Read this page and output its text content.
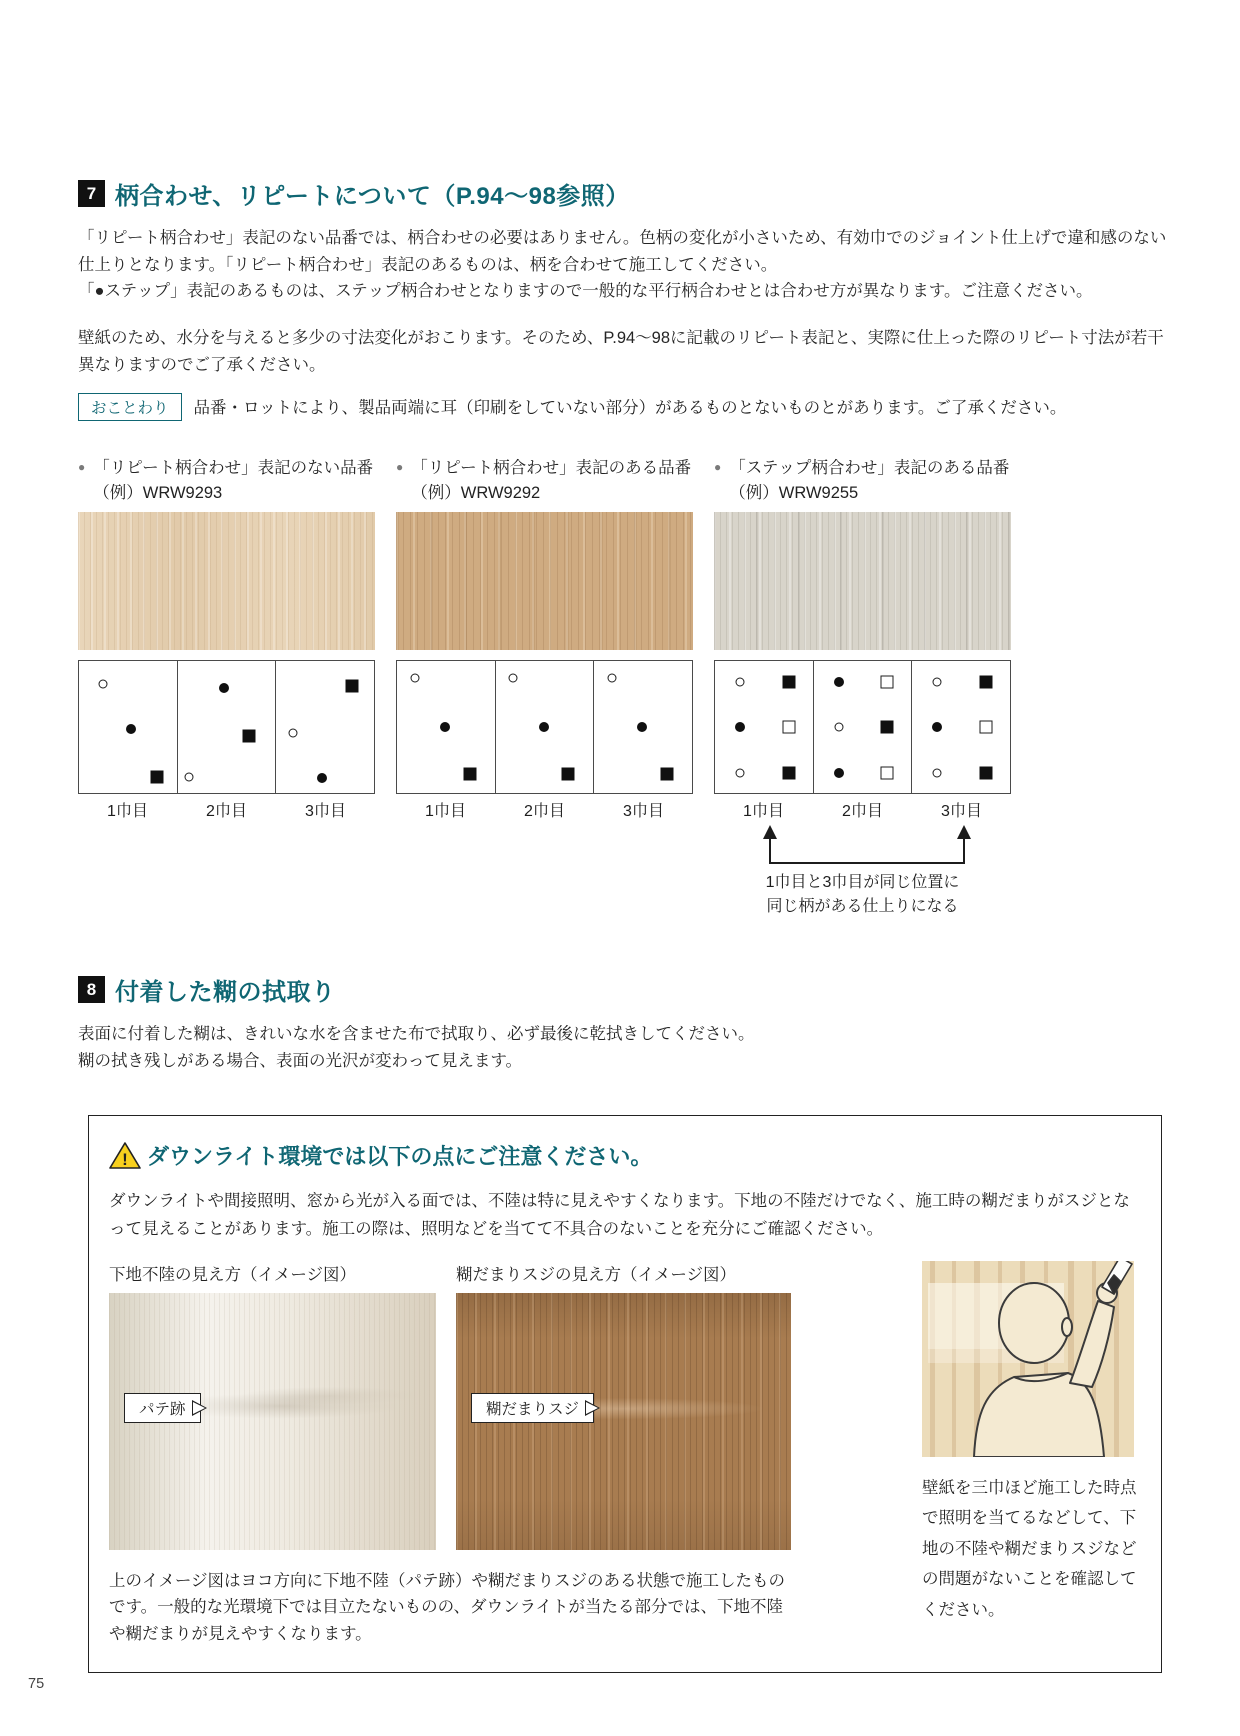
7 柄合わせ、リピートについて（P.94～98参照）

「リピート柄合わせ」表記のない品番では、柄合わせの必要はありません。色柄の変化が小さいため、有効巾でのジョイント仕上げで違和感のない仕上りとなります。「リピート柄合わせ」表記のあるものは、柄を合わせて施工してください。

「●ステップ」表記のあるものは、ステップ柄合わせとなりますので一般的な平行柄合わせとは合わせ方が異なります。ご注意ください。

壁紙のため、水分を与えると多少の寸法変化がおこります。そのため、P.94～98に記載のリピート表記と、実際に仕上った際のリピート寸法が若干異なりますのでご了承ください。

おことわり	品番・ロットにより、製品両端に耳（印刷をしていない部分）があるものとないものとがあります。ご了承ください。
● 「リピート柄合わせ」表記のない品番
（例）WRW9293
1巾目	2巾目	3巾目
● 「リピート柄合わせ」表記のある品番
（例）WRW9292
1巾目	2巾目	3巾目
● 「ステップ柄合わせ」表記のある品番
（例）WRW9255
1巾目	2巾目	3巾目
1巾目と3巾目が同じ位置に
同じ柄がある仕上りになる
8 付着した糊の拭取り

表面に付着した糊は、きれいな水を含ませた布で拭取り、必ず最後に乾拭きしてください。

糊の拭き残しがある場合、表面の光沢が変わって見えます。

! ダウンライト環境では以下の点にご注意ください。

ダウンライトや間接照明、窓から光が入る面では、不陸は特に見えやすくなります。下地の不陸だけでなく、施工時の糊だまりがスジとなって見えることがあります。施工の際は、照明などを当てて不具合のないことを充分にご確認ください。

下地不陸の見え方（イメージ図）	糊だまりスジの見え方（イメージ図）
パテ跡	糊だまりスジ

上のイメージ図はヨコ方向に下地不陸（パテ跡）や糊だまりスジのある状態で施工したものです。一般的な光環境下では目立たないものの、ダウンライトが当たる部分では、下地不陸や糊だまりが見えやすくなります。

壁紙を三巾ほど施工した時点で照明を当てるなどして、下地の不陸や糊だまりスジなどの問題がないことを確認してください。

75
